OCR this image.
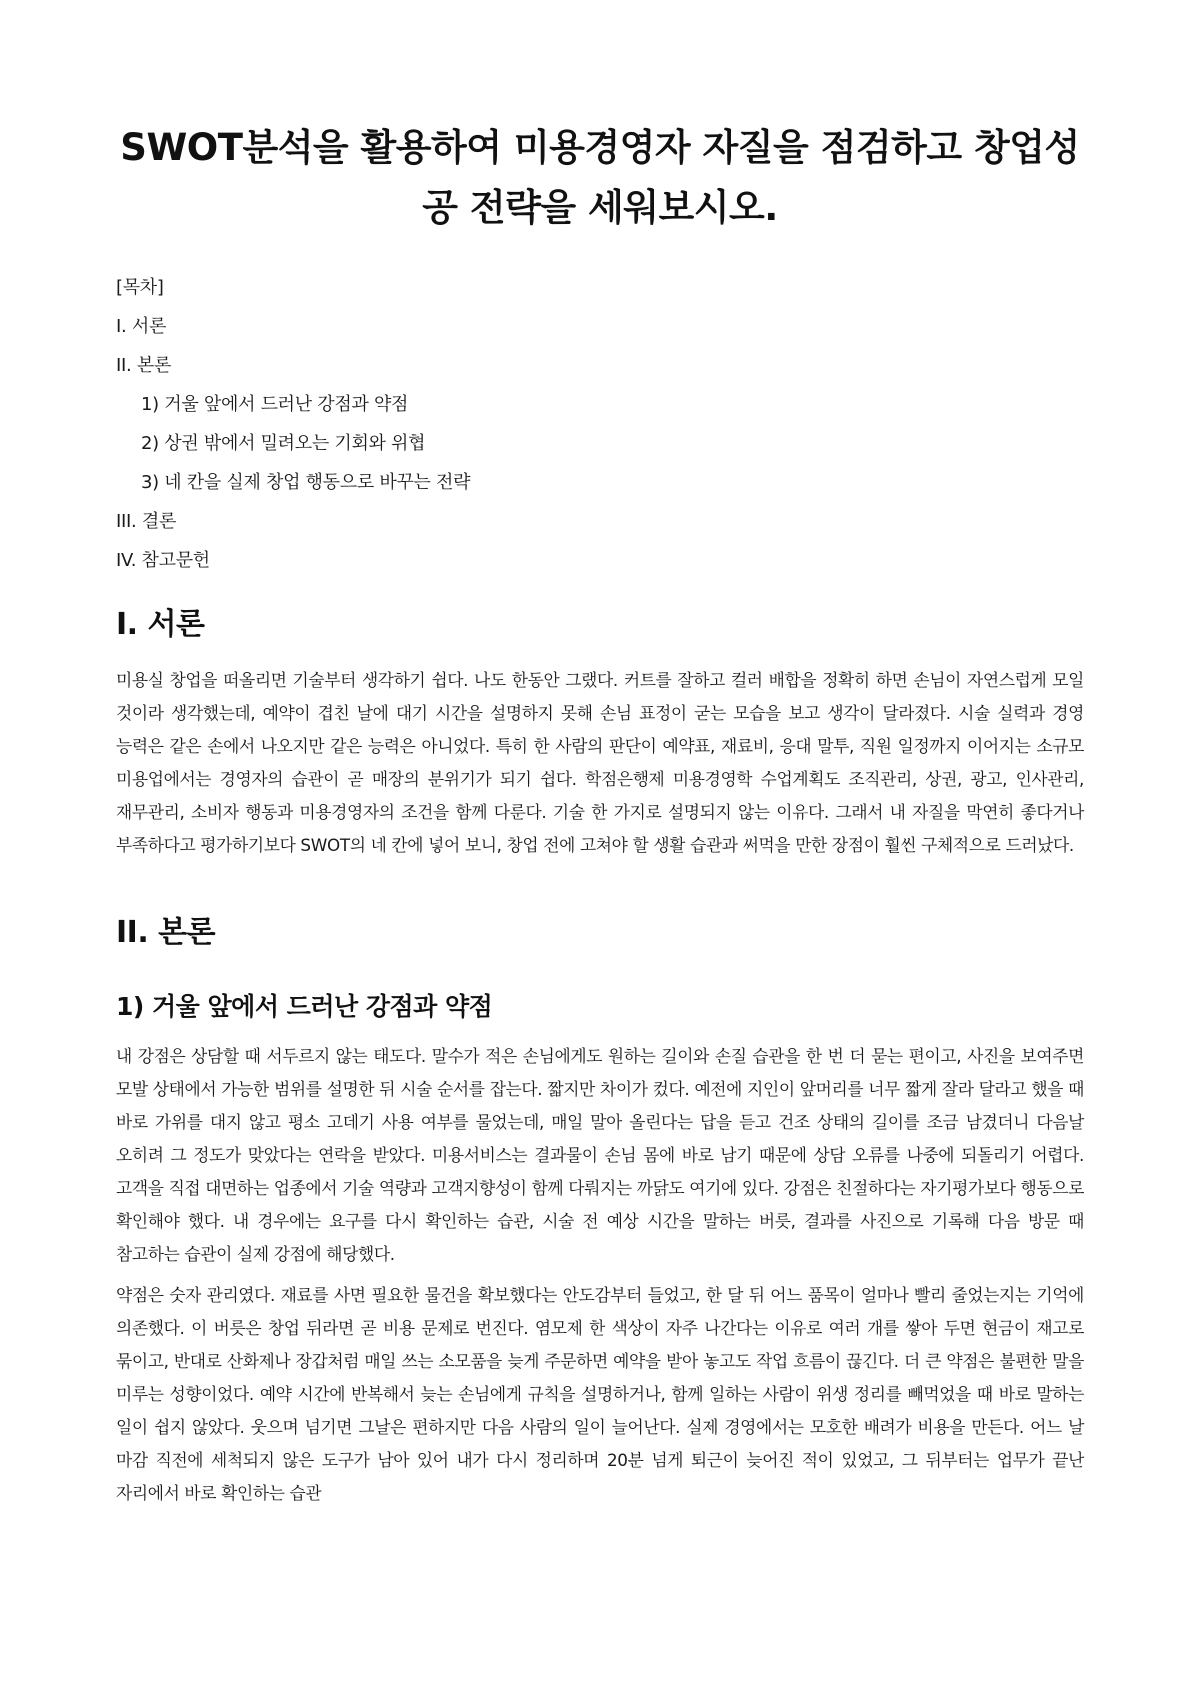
SWOT분석을 활용하여 미용경영자 자질을 점검하고 창업성공 전략을 세워보시오.
[목차]
I. 서론
II. 본론
1) 거울 앞에서 드러난 강점과 약점
2) 상권 밖에서 밀려오는 기회와 위협
3) 네 칸을 실제 창업 행동으로 바꾸는 전략
III. 결론
IV. 참고문헌
I. 서론

미용실 창업을 떠올리면 기술부터 생각하기 쉽다. 나도 한동안 그랬다. 커트를 잘하고 컬러 배합을 정확히 하면 손님이 자연스럽게 모일 것이라 생각했는데, 예약이 겹친 날에 대기 시간을 설명하지 못해 손님 표정이 굳는 모습을 보고 생각이 달라졌다. 시술 실력과 경영 능력은 같은 손에서 나오지만 같은 능력은 아니었다. 특히 한 사람의 판단이 예약표, 재료비, 응대 말투, 직원 일정까지 이어지는 소규모 미용업에서는 경영자의 습관이 곧 매장의 분위기가 되기 쉽다. 학점은행제 미용경영학 수업계획도 조직관리, 상권, 광고, 인사관리, 재무관리, 소비자 행동과 미용경영자의 조건을 함께 다룬다. 기술 한 가지로 설명되지 않는 이유다. 그래서 내 자질을 막연히 좋다거나 부족하다고 평가하기보다 SWOT의 네 칸에 넣어 보니, 창업 전에 고쳐야 할 생활 습관과 써먹을 만한 장점이 훨씬 구체적으로 드러났다.

II. 본론
1) 거울 앞에서 드러난 강점과 약점

내 강점은 상담할 때 서두르지 않는 태도다. 말수가 적은 손님에게도 원하는 길이와 손질 습관을 한 번 더 묻는 편이고, 사진을 보여주면 모발 상태에서 가능한 범위를 설명한 뒤 시술 순서를 잡는다. 짧지만 차이가 컸다. 예전에 지인이 앞머리를 너무 짧게 잘라 달라고 했을 때 바로 가위를 대지 않고 평소 고데기 사용 여부를 물었는데, 매일 말아 올린다는 답을 듣고 건조 상태의 길이를 조금 남겼더니 다음날 오히려 그 정도가 맞았다는 연락을 받았다. 미용서비스는 결과물이 손님 몸에 바로 남기 때문에 상담 오류를 나중에 되돌리기 어렵다. 고객을 직접 대면하는 업종에서 기술 역량과 고객지향성이 함께 다뤄지는 까닭도 여기에 있다. 강점은 친절하다는 자기평가보다 행동으로 확인해야 했다. 내 경우에는 요구를 다시 확인하는 습관, 시술 전 예상 시간을 말하는 버릇, 결과를 사진으로 기록해 다음 방문 때 참고하는 습관이 실제 강점에 해당했다.

약점은 숫자 관리였다. 재료를 사면 필요한 물건을 확보했다는 안도감부터 들었고, 한 달 뒤 어느 품목이 얼마나 빨리 줄었는지는 기억에 의존했다. 이 버릇은 창업 뒤라면 곧 비용 문제로 번진다. 염모제 한 색상이 자주 나간다는 이유로 여러 개를 쌓아 두면 현금이 재고로 묶이고, 반대로 산화제나 장갑처럼 매일 쓰는 소모품을 늦게 주문하면 예약을 받아 놓고도 작업 흐름이 끊긴다. 더 큰 약점은 불편한 말을 미루는 성향이었다. 예약 시간에 반복해서 늦는 손님에게 규칙을 설명하거나, 함께 일하는 사람이 위생 정리를 빼먹었을 때 바로 말하는 일이 쉽지 않았다. 웃으며 넘기면 그날은 편하지만 다음 사람의 일이 늘어난다. 실제 경영에서는 모호한 배려가 비용을 만든다. 어느 날 마감 직전에 세척되지 않은 도구가 남아 있어 내가 다시 정리하며 20분 넘게 퇴근이 늦어진 적이 있었고, 그 뒤부터는 업무가 끝난 자리에서 바로 확인하는 습관
